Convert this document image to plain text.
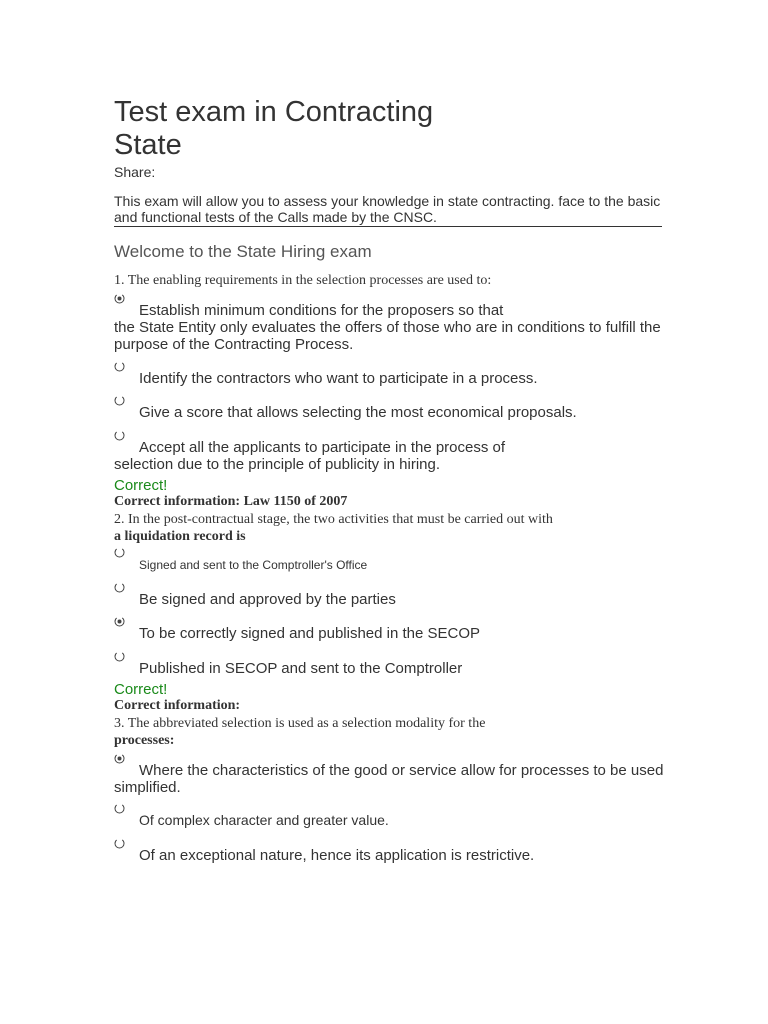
Test exam in Contracting
State
Share:
This exam will allow you to assess your knowledge in state contracting. face to the basic and functional tests of the Calls made by the CNSC.
Welcome to the State Hiring exam
1. The enabling requirements in the selection processes are used to:
Establish minimum conditions for the proposers so that
the State Entity only evaluates the offers of those who are in conditions to fulfill the purpose of the Contracting Process.
Identify the contractors who want to participate in a process.
Give a score that allows selecting the most economical proposals.
Accept all the applicants to participate in the process of
selection due to the principle of publicity in hiring.
Correct!
Correct information: Law 1150 of 2007
2. In the post-contractual stage, the two activities that must be carried out with
a liquidation record is
Signed and sent to the Comptroller's Office
Be signed and approved by the parties
To be correctly signed and published in the SECOP
Published in SECOP and sent to the Comptroller
Correct!
Correct information:
3. The abbreviated selection is used as a selection modality for the
processes:
Where the characteristics of the good or service allow for processes to be used
simplified.
Of complex character and greater value.
Of an exceptional nature, hence its application is restrictive.
